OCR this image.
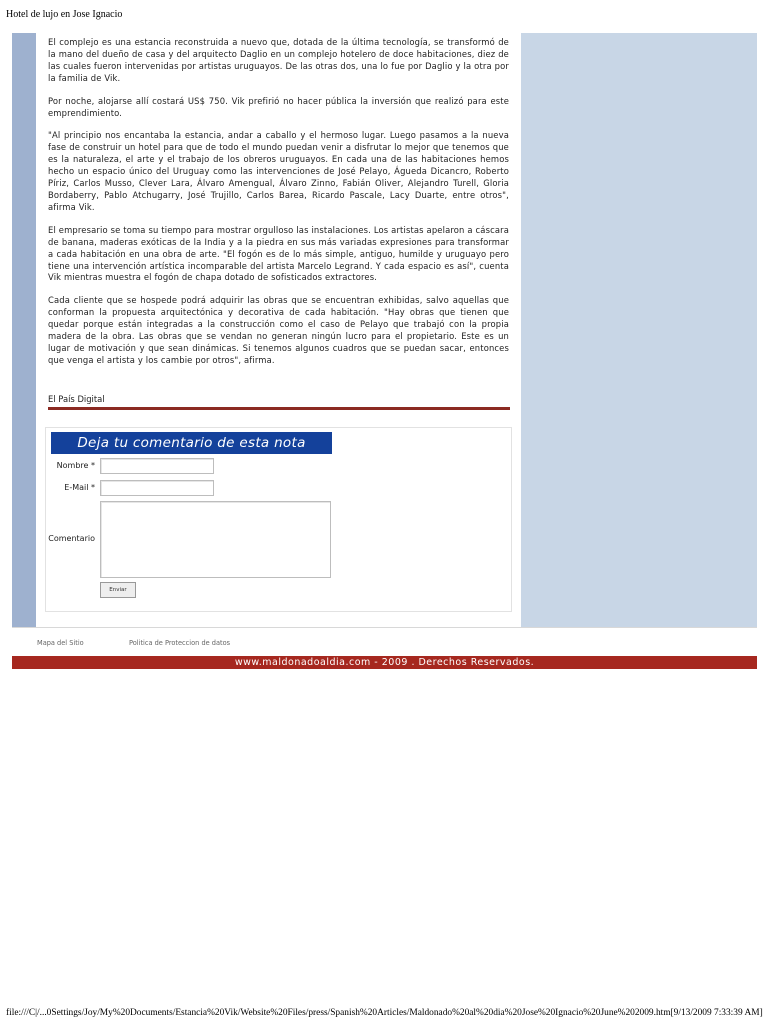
Hotel de lujo en Jose Ignacio

El complejo es una estancia reconstruida a nuevo que, dotada de la última tecnología, se transformó de la mano del dueño de casa y del arquitecto Daglio en un complejo hotelero de doce habitaciones, diez de las cuales fueron intervenidas por artistas uruguayos. De las otras dos, una lo fue por Daglio y la otra por la familia de Vik.

Por noche, alojarse allí costará US$ 750. Vik prefirió no hacer pública la inversión que realizó para este emprendimiento.

"Al principio nos encantaba la estancia, andar a caballo y el hermoso lugar. Luego pasamos a la nueva fase de construir un hotel para que de todo el mundo puedan venir a disfrutar lo mejor que tenemos que es la naturaleza, el arte y el trabajo de los obreros uruguayos. En cada una de las habitaciones hemos hecho un espacio único del Uruguay como las intervenciones de José Pelayo, Águeda Dicancro, Roberto Píriz, Carlos Musso, Clever Lara, Álvaro Amengual, Álvaro Zinno, Fabián Oliver, Alejandro Turell, Gloria Bordaberry, Pablo Atchugarry, José Trujillo, Carlos Barea, Ricardo Pascale, Lacy Duarte, entre otros", afirma Vik.

El empresario se toma su tiempo para mostrar orgulloso las instalaciones. Los artistas apelaron a cáscara de banana, maderas exóticas de la India y a la piedra en sus más variadas expresiones para transformar a cada habitación en una obra de arte. "El fogón es de lo más simple, antiguo, humilde y uruguayo pero tiene una intervención artística incomparable del artista Marcelo Legrand. Y cada espacio es así", cuenta Vik mientras muestra el fogón de chapa dotado de sofisticados extractores.

Cada cliente que se hospede podrá adquirir las obras que se encuentran exhibidas, salvo aquellas que conforman la propuesta arquitectónica y decorativa de cada habitación. "Hay obras que tienen que quedar porque están integradas a la construcción como el caso de Pelayo que trabajó con la propia madera de la obra. Las obras que se vendan no generan ningún lucro para el propietario. Este es un lugar de motivación y que sean dinámicas. Si tenemos algunos cuadros que se puedan sacar, entonces que venga el artista y los cambie por otros", afirma.

El País Digital
Deja tu comentario de esta nota
Nombre *
E-Mail *
Comentario
Enviar
Mapa del Sitio	Politica de Proteccion de datos
www.maldonadoaldia.com - 2009 . Derechos Reservados.
file:///C|/...0Settings/Joy/My%20Documents/Estancia%20Vik/Website%20Files/press/Spanish%20Articles/Maldonado%20al%20dia%20Jose%20Ignacio%20June%202009.htm[9/13/2009 7:33:39 AM]
